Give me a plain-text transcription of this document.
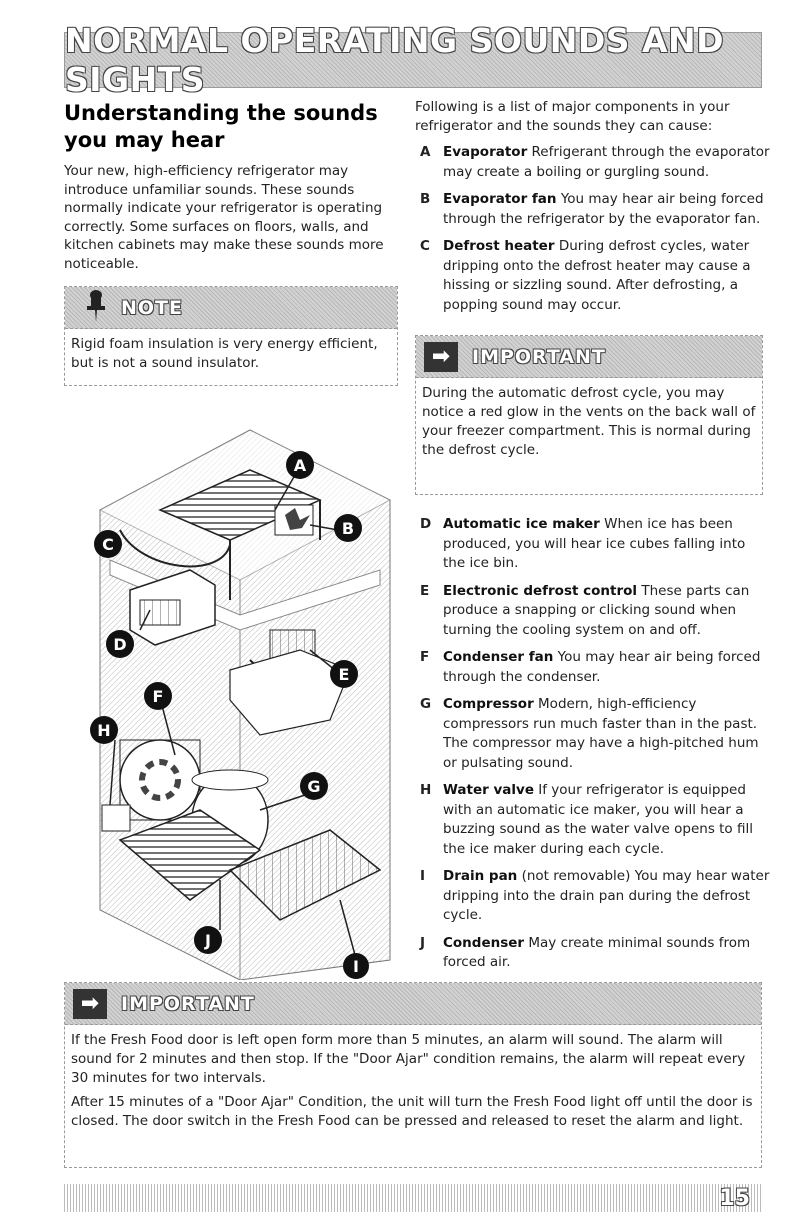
NORMAL OPERATING SOUNDS AND SIGHTS
Understanding the sounds you may hear

Your new, high-efficiency refrigerator may introduce unfamiliar sounds. These sounds normally indicate your refrigerator is operating correctly. Some surfaces on floors, walls, and kitchen cabinets may make these sounds more noticeable.

NOTE
Rigid foam insulation is very energy efficient, but is not a sound insulator.

Following is a list of major components in your refrigerator and the sounds they can cause:

A Evaporator Refrigerant through the evaporator may create a boiling or gurgling sound.
B Evaporator fan You may hear air being forced through the refrigerator by the evaporator fan.
C Defrost heater During defrost cycles, water dripping onto the defrost heater may cause a hissing or sizzling sound. After defrosting, a popping sound may occur.
➡	IMPORTANT
During the automatic defrost cycle, you may notice a red glow in the vents on the back wall of your freezer compartment. This is normal during the defrost cycle.
D Automatic ice maker When ice has been produced, you will hear ice cubes falling into the ice bin.
E	Electronic defrost control These parts can produce a snapping or clicking sound when turning the cooling system on and off.
F	Condenser fan You may hear air being forced through the condenser.
G Compressor Modern, high-efficiency compressors run much faster than in the past. The compressor may have a high-pitched hum or pulsating sound.
H Water valve If your refrigerator is equipped with an automatic ice maker, you will hear a buzzing sound as the water valve opens to fill the ice maker during each cycle.
I	Drain pan (not removable) You may hear water dripping into the drain pan during the defrost cycle.
J	Condenser May create minimal sounds from forced air.
A
B
C
D
E
F
G
H
I
J
➡	IMPORTANT

If the Fresh Food door is left open form more than 5 minutes, an alarm will sound. The alarm will sound for 2 minutes and then stop. If the "Door Ajar" condition remains, the alarm will repeat every 30 minutes for two intervals.

After 15 minutes of a "Door Ajar" Condition, the unit will turn the Fresh Food light off until the door is closed. The door switch in the Fresh Food can be pressed and released to reset the alarm and light.

15
